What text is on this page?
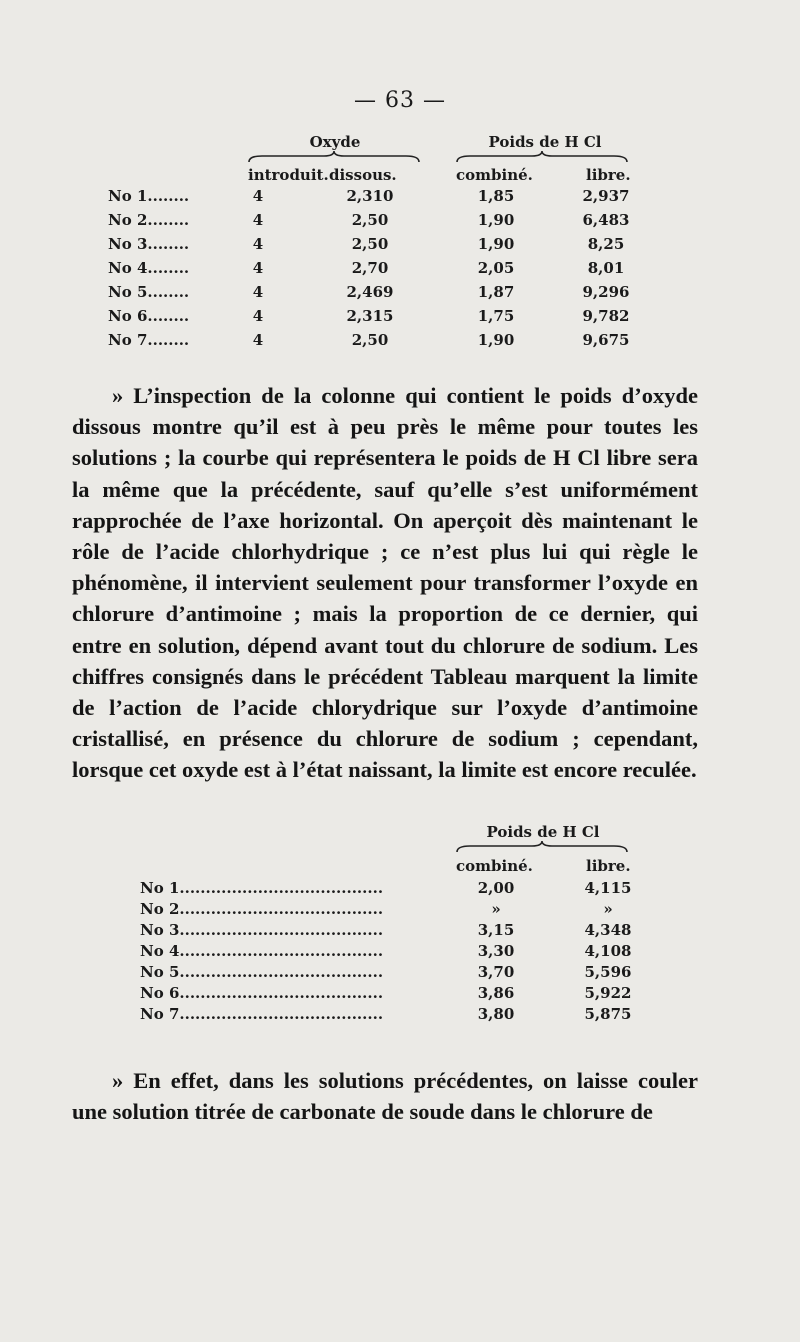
— 63 —
Oxyde	Poids de H Cl
introduit. dissous.	combiné.	libre.
No 1........	4	2,310	1,85	2,937
No 2........	4	2,50	1,90	6,483
No 3........	4	2,50	1,90	8,25
No 4........	4	2,70	2,05	8,01
No 5........	4	2,469	1,87	9,296
No 6........	4	2,315	1,75	9,782
No 7........	4	2,50	1,90	9,675

» L’inspection de la colonne qui contient le poids d’oxyde dissous montre qu’il est à peu près le même pour toutes les solutions ; la courbe qui représentera le poids de H Cl libre sera la même que la précédente, sauf qu’elle s’est uniformément rapprochée de l’axe horizontal. On aperçoit dès maintenant le rôle de l’acide chlorhydrique ; ce n’est plus lui qui règle le phénomène, il intervient seulement pour transformer l’oxyde en chlorure d’antimoine ; mais la proportion de ce dernier, qui entre en solution, dépend avant tout du chlorure de sodium. Les chiffres consignés dans le précédent Tableau marquent la limite de l’action de l’acide chlorydrique sur l’oxyde d’antimoine cristallisé, en présence du chlorure de sodium ; cependant, lorsque cet oxyde est à l’état naissant, la limite est encore reculée.

Poids de H Cl
combiné.	libre.
No 1.......................................	2,00	4,115
No 2.......................................	»	»
No 3.......................................	3,15	4,348
No 4.......................................	3,30	4,108
No 5.......................................	3,70	5,596
No 6.......................................	3,86	5,922
No 7.......................................	3,80	5,875

» En effet, dans les solutions précédentes, on laisse couler une solution titrée de carbonate de soude dans le chlorure de
